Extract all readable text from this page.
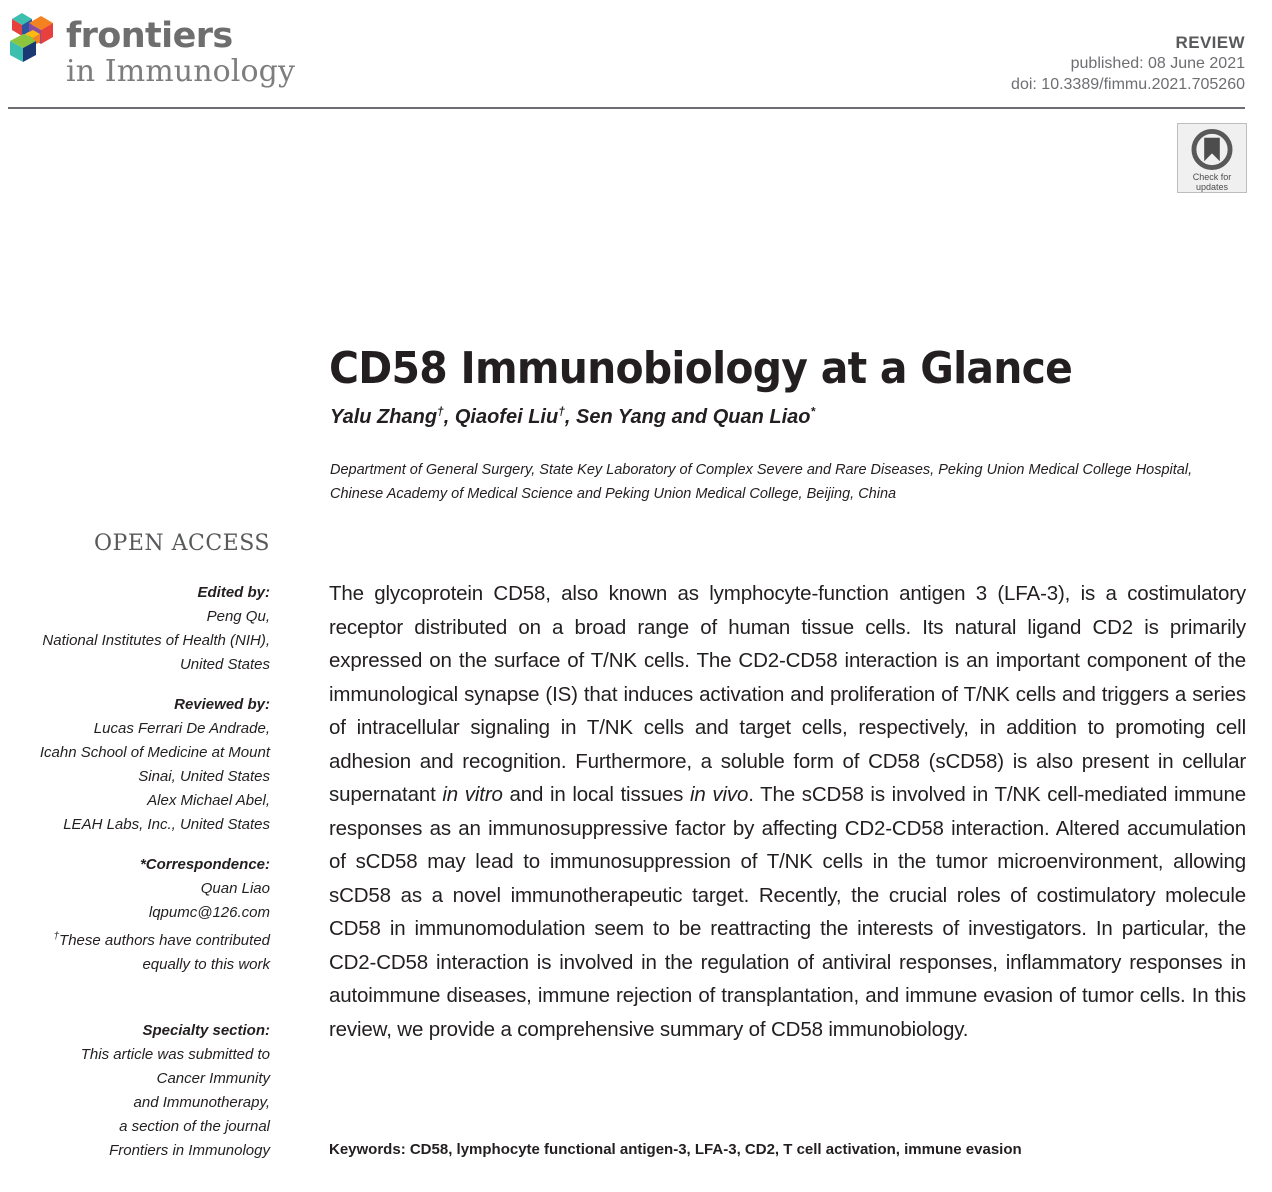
frontiers
in Immunology
REVIEW
published: 08 June 2021
doi: 10.3389/fimmu.2021.705260
Check for
updates
CD58 Immunobiology at a Glance
Yalu Zhang†, Qiaofei Liu†, Sen Yang and Quan Liao*
Department of General Surgery, State Key Laboratory of Complex Severe and Rare Diseases, Peking Union Medical College Hospital, Chinese Academy of Medical Science and Peking Union Medical College, Beijing, China
OPEN ACCESS
Edited by:
Peng Qu,
National Institutes of Health (NIH),
United States
Reviewed by:
Lucas Ferrari De Andrade,
Icahn School of Medicine at Mount
Sinai, United States
Alex Michael Abel,
LEAH Labs, Inc., United States
*Correspondence:
Quan Liao
lqpumc@126.com
†These authors have contributed
equally to this work
Specialty section:
This article was submitted to
Cancer Immunity
and Immunotherapy,
a section of the journal
Frontiers in Immunology
The glycoprotein CD58, also known as lymphocyte-function antigen 3 (LFA-3), is a costimulatory receptor distributed on a broad range of human tissue cells. Its natural ligand CD2 is primarily expressed on the surface of T/NK cells. The CD2-CD58 interaction is an important component of the immunological synapse (IS) that induces activation and proliferation of T/NK cells and triggers a series of intracellular signaling in T/NK cells and target cells, respectively, in addition to promoting cell adhesion and recognition. Furthermore, a soluble form of CD58 (sCD58) is also present in cellular supernatant in vitro and in local tissues in vivo. The sCD58 is involved in T/NK cell-mediated immune responses as an immunosuppressive factor by affecting CD2-CD58 interaction. Altered accumulation of sCD58 may lead to immunosuppression of T/NK cells in the tumor microenvironment, allowing sCD58 as a novel immunotherapeutic target. Recently, the crucial roles of costimulatory molecule CD58 in immunomodulation seem to be reattracting the interests of investigators. In particular, the CD2-CD58 interaction is involved in the regulation of antiviral responses, inflammatory responses in autoimmune diseases, immune rejection of transplantation, and immune evasion of tumor cells. In this review, we provide a comprehensive summary of CD58 immunobiology.
Keywords: CD58, lymphocyte functional antigen-3, LFA-3, CD2, T cell activation, immune evasion
